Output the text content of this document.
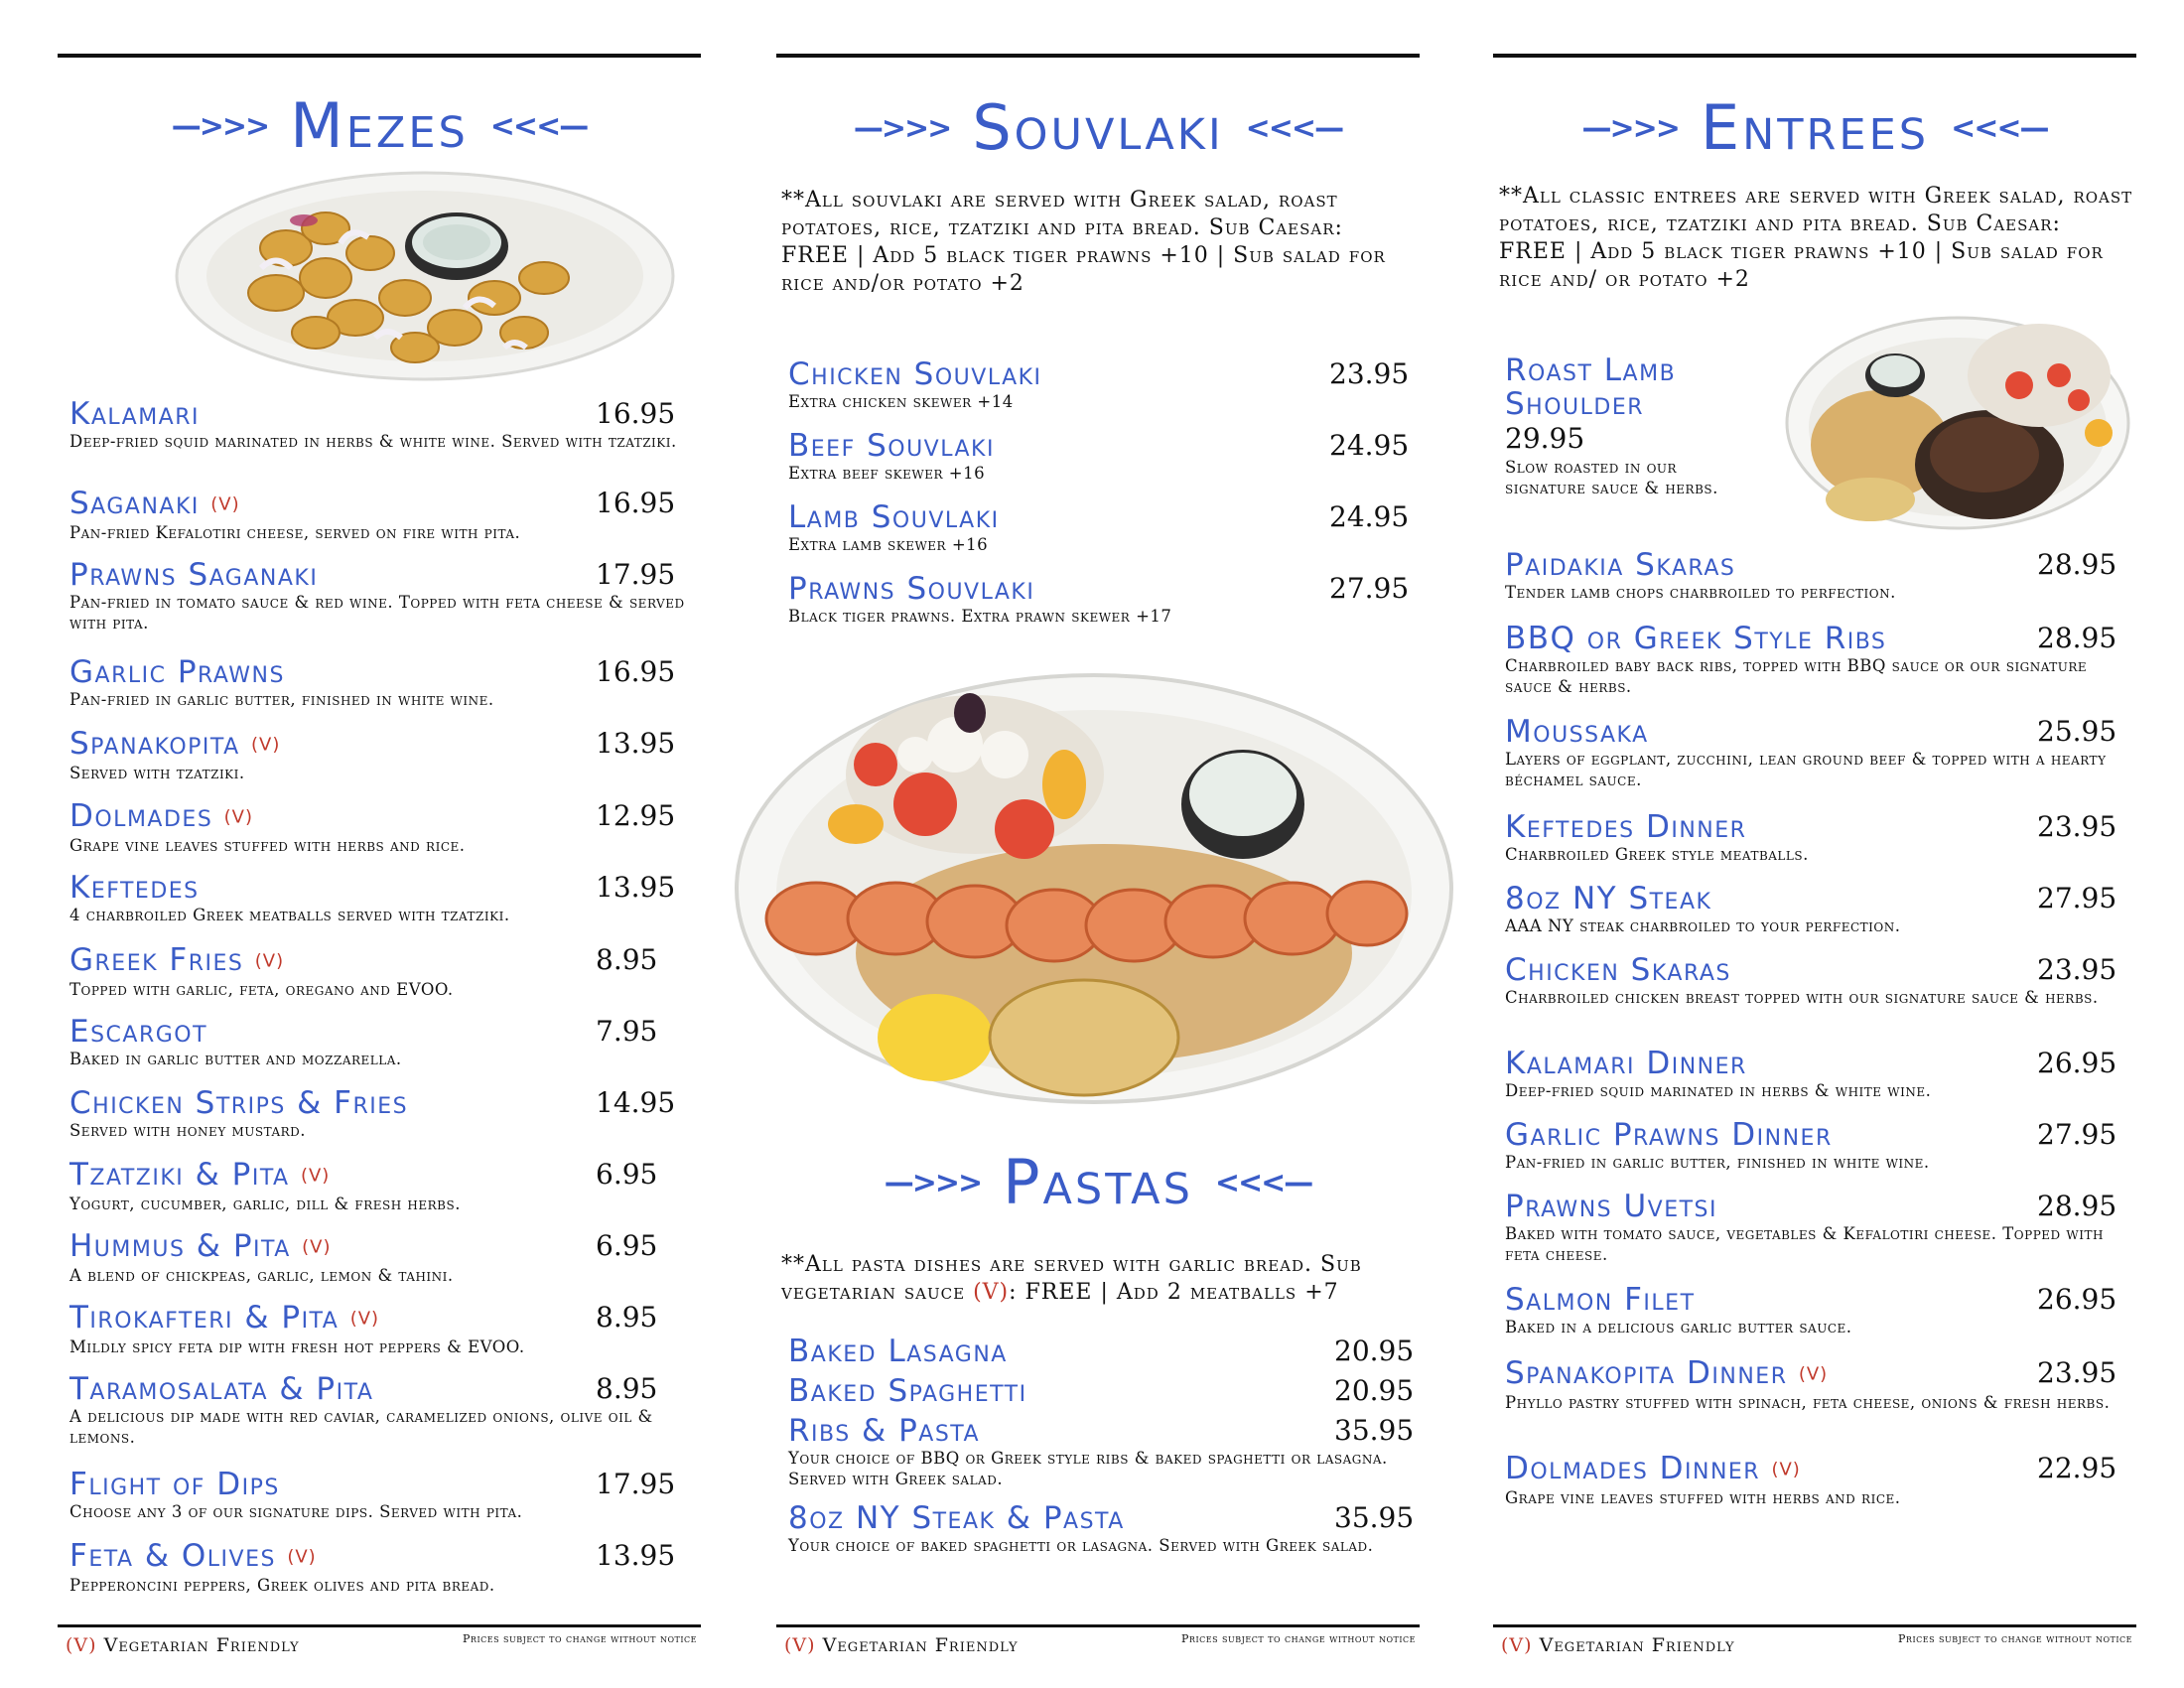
—>>> Mezes <<<—
Kalamari	16.95
Deep-fried squid marinated in herbs & white wine. Served with tzatziki.
Saganaki (V)	16.95
Pan-fried Kefalotiri cheese, served on fire with pita.
Prawns Saganaki	17.95
Pan-fried in tomato sauce & red wine. Topped with feta cheese & served with pita.
Garlic Prawns	16.95
Pan-fried in garlic butter, finished in white wine.
Spanakopita (V)	13.95
Served with tzatziki.
Dolmades (V)	12.95
Grape vine leaves stuffed with herbs and rice.
Keftedes	13.95
4 charbroiled Greek meatballs served with tzatziki.
Greek Fries (V)	8.95
Topped with garlic, feta, oregano and EVOO.
Escargot	7.95
Baked in garlic butter and mozzarella.
Chicken Strips & Fries	14.95
Served with honey mustard.
Tzatziki & Pita (V)	6.95
Yogurt, cucumber, garlic, dill & fresh herbs.
Hummus & Pita (V)	6.95
A blend of chickpeas, garlic, lemon & tahini.
Tirokafteri & Pita (V)	8.95
Mildly spicy feta dip with fresh hot peppers & EVOO.
Taramosalata & Pita	8.95
A delicious dip made with red caviar, caramelized onions, olive oil & lemons.
Flight of Dips	17.95
Choose any 3 of our signature dips. Served with pita.
Feta & Olives (V)	13.95
Pepperoncini peppers, Greek olives and pita bread.
(V) Vegetarian Friendly	Prices subject to change without notice
—>>> Souvlaki <<<—
**All souvlaki are served with Greek salad, roast potatoes, rice, tzatziki and pita bread. Sub Caesar: FREE | Add 5 black tiger prawns +10 | Sub salad for rice and/or potato +2
Chicken Souvlaki	23.95
Extra chicken skewer +14
Beef Souvlaki	24.95
Extra beef skewer +16
Lamb Souvlaki	24.95
Extra lamb skewer +16
Prawns Souvlaki	27.95
Black tiger prawns. Extra prawn skewer +17
—>>> Pastas <<<—
**All pasta dishes are served with garlic bread. Sub vegetarian sauce (V): FREE | Add 2 meatballs +7
Baked Lasagna	20.95
Baked Spaghetti	20.95
Ribs & Pasta	35.95
Your choice of BBQ or Greek style ribs & baked spaghetti or lasagna. Served with Greek salad.
8oz NY Steak & Pasta	35.95
Your choice of baked spaghetti or lasagna. Served with Greek salad.
(V) Vegetarian Friendly	Prices subject to change without notice
—>>> Entrees <<<—
**All classic entrees are served with Greek salad, roast potatoes, rice, tzatziki and pita bread. Sub Caesar: FREE | Add 5 black tiger prawns +10 | Sub salad for rice and/ or potato +2
Roast Lamb
Shoulder
29.95
Slow roasted in our signature sauce & herbs.
Paidakia Skaras	28.95
Tender lamb chops charbroiled to perfection.
BBQ or Greek Style Ribs	28.95
Charbroiled baby back ribs, topped with BBQ sauce or our signature sauce & herbs.
Moussaka	25.95
Layers of eggplant, zucchini, lean ground beef & topped with a hearty béchamel sauce.
Keftedes Dinner	23.95
Charbroiled Greek style meatballs.
8oz NY Steak	27.95
AAA NY steak charbroiled to your perfection.
Chicken Skaras	23.95
Charbroiled chicken breast topped with our signature sauce & herbs.
Kalamari Dinner	26.95
Deep-fried squid marinated in herbs & white wine.
Garlic Prawns Dinner	27.95
Pan-fried in garlic butter, finished in white wine.
Prawns Uvetsi	28.95
Baked with tomato sauce, vegetables & Kefalotiri cheese. Topped with feta cheese.
Salmon Filet	26.95
Baked in a delicious garlic butter sauce.
Spanakopita Dinner (V)	23.95
Phyllo pastry stuffed with spinach, feta cheese, onions & fresh herbs.
Dolmades Dinner (V)	22.95
Grape vine leaves stuffed with herbs and rice.
(V) Vegetarian Friendly	Prices subject to change without notice
